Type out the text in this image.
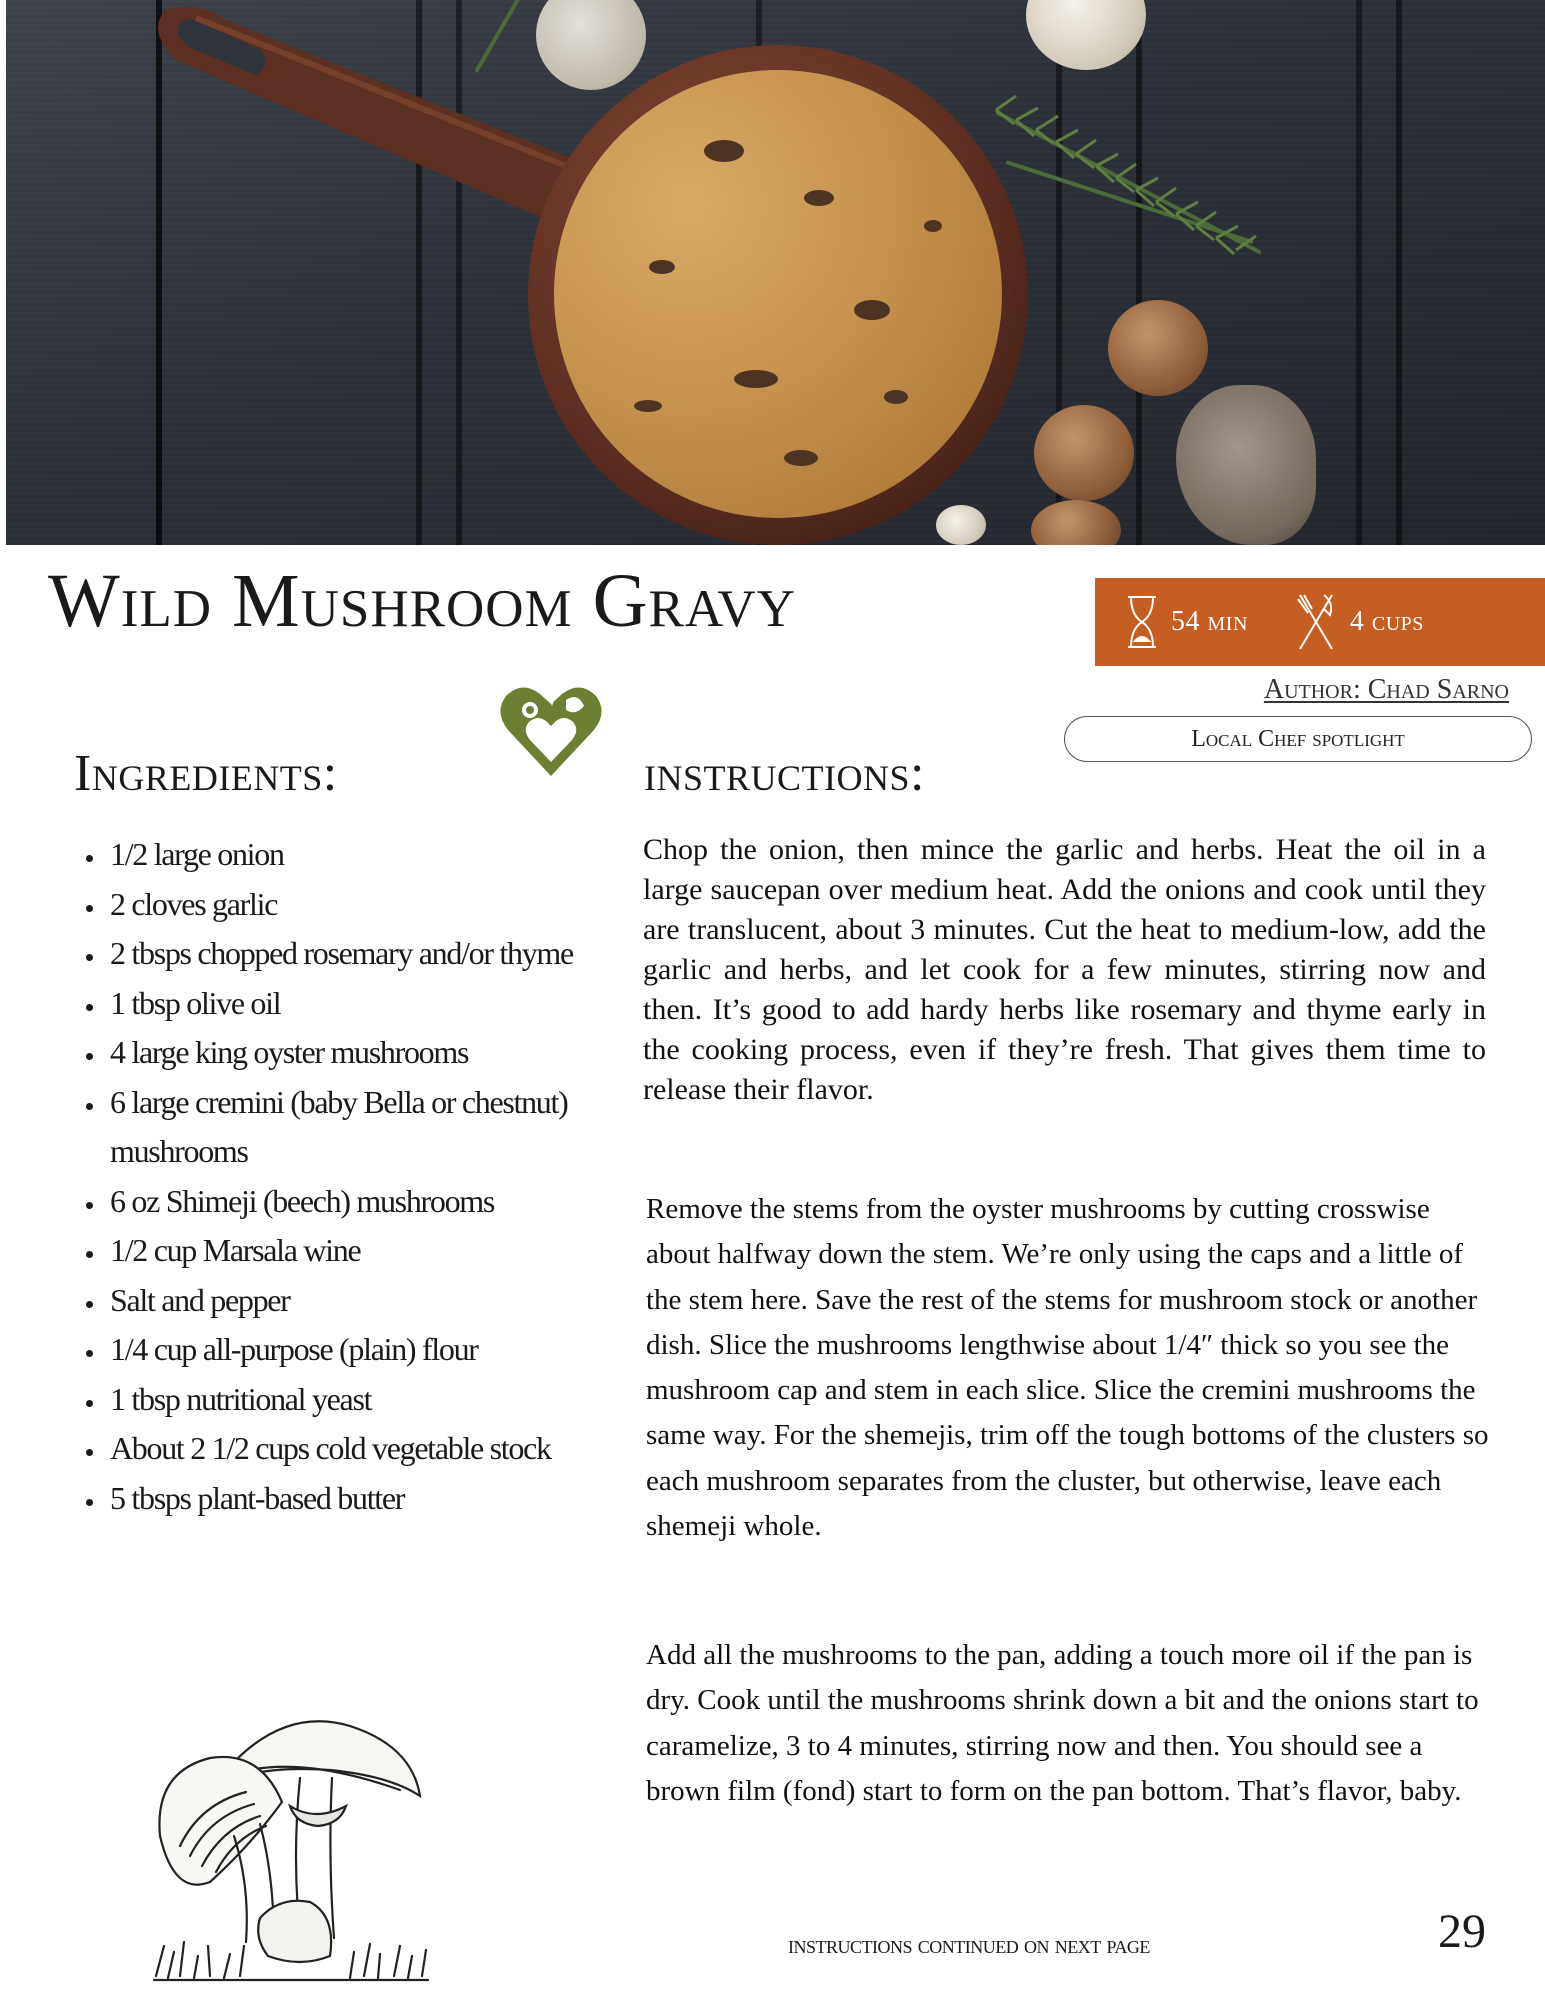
Wild Mushroom Gravy	54 min	4 cups
Author: Chad Sarno
Local Chef spotlight
Ingredients:	instructions:
• 1/2 large onion
• 2 cloves garlic
• 2 tbsps chopped rosemary and/or thyme
• 1 tbsp olive oil
• 4 large king oyster mushrooms
• 6 large cremini (baby Bella or chestnut) mushrooms
• 6 oz Shimeji (beech) mushrooms
• 1/2 cup Marsala wine
• Salt and pepper
• 1/4 cup all-purpose (plain) flour
• 1 tbsp nutritional yeast
• About 2 1/2 cups cold vegetable stock
• 5 tbsps plant-based butter

Chop the onion, then mince the garlic and herbs. Heat the oil in a large saucepan over medium heat. Add the onions and cook until they are translucent, about 3 minutes. Cut the heat to medium-low, add the garlic and herbs, and let cook for a few minutes, stirring now and then. It’s good to add hardy herbs like rosemary and thyme early in the cooking process, even if they’re fresh. That gives them time to release their flavor.

Remove the stems from the oyster mushrooms by cutting crosswise about halfway down the stem. We’re only using the caps and a little of the stem here. Save the rest of the stems for mushroom stock or another dish. Slice the mushrooms lengthwise about 1/4″ thick so you see the mushroom cap and stem in each slice. Slice the cremini mushrooms the same way. For the shemejis, trim off the tough bottoms of the clusters so each mushroom separates from the cluster, but otherwise, leave each shemeji whole.

Add all the mushrooms to the pan, adding a touch more oil if the pan is dry. Cook until the mushrooms shrink down a bit and the onions start to caramelize, 3 to 4 minutes, stirring now and then. You should see a brown film (fond) start to form on the pan bottom. That’s flavor, baby.

instructions continued on next page	29
